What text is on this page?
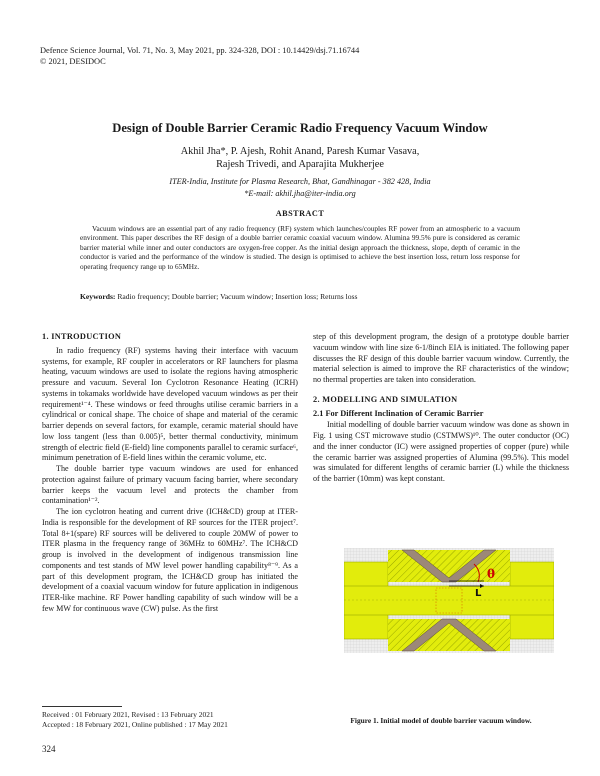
Defence Science Journal, Vol. 71, No. 3, May 2021, pp. 324-328, DOI : 10.14429/dsj.71.16744
© 2021, DESIDOC
Design of Double Barrier Ceramic Radio Frequency Vacuum Window
Akhil Jha*, P. Ajesh, Rohit Anand, Paresh Kumar Vasava,
Rajesh Trivedi, and Aparajita Mukherjee
ITER-India, Institute for Plasma Research, Bhat, Gandhinagar - 382 428, India
*E-mail: akhil.jha@iter-india.org
ABSTRACT
Vacuum windows are an essential part of any radio frequency (RF) system which launches/couples RF power from an atmospheric to a vacuum environment. This paper describes the RF design of a double barrier ceramic coaxial vacuum window. Alumina 99.5% pure is considered as ceramic barrier material while inner and outer conductors are oxygen-free copper. As the initial design approach the thickness, slope, depth of ceramic in the conductor is varied and the performance of the window is studied. The design is optimised to achieve the best insertion loss, return loss response for operating frequency range up to 65MHz.
Keywords: Radio frequency; Double barrier; Vacuum window; Insertion loss; Returns loss
1. INTRODUCTION

In radio frequency (RF) systems having their interface with vacuum systems, for example, RF coupler in accelerators or RF launchers for plasma heating, vacuum windows are used to isolate the regions having atmospheric pressure and vacuum. Several Ion Cyclotron Resonance Heating (ICRH) systems in tokamaks worldwide have developed vacuum windows as per their requirement¹⁻⁴. These windows or feed throughs utilise ceramic barriers in a cylindrical or conical shape. The choice of shape and material of the ceramic barrier depends on several factors, for example, ceramic material should have low loss tangent (less than 0.005)⁵, better thermal conductivity, minimum strength of electric field (E-field) line components parallel to ceramic surface⁶, minimum penetration of E-field lines within the ceramic volume, etc.

The double barrier type vacuum windows are used for enhanced protection against failure of primary vacuum facing barrier, where secondary barrier keeps the vacuum level and protects the chamber from contamination¹⁻².

The ion cyclotron heating and current drive (ICH&CD) group at ITER-India is responsible for the development of RF sources for the ITER project⁷. Total 8+1(spare) RF sources will be delivered to couple 20MW of power to ITER plasma in the frequency range of 36MHz to 60MHz⁷. The ICH&CD group is involved in the development of indigenous transmission line components and test stands of MW level power handling capability⁸⁻⁹. As a part of this development program, the ICH&CD group has initiated the development of a coaxial vacuum window for future application in indigenous ITER-like machine. RF Power handling capability of such window will be a few MW for continuous wave (CW) pulse. As the first

step of this development program, the design of a prototype double barrier vacuum window with line size 6-1/8inch EIA is initiated. The following paper discusses the RF design of this double barrier vacuum window. Currently, the material selection is aimed to improve the RF characteristics of the window; no thermal properties are taken into consideration.

2. MODELLING AND SIMULATION
2.1 For Different Inclination of Ceramic Barrier

Initial modelling of double barrier vacuum window was done as shown in Fig. 1 using CST microwave studio (CSTMWS)¹⁰. The outer conductor (OC) and the inner conductor (IC) were assigned properties of copper (pure) while the ceramic barrier was assigned properties of Alumina (99.5%). This model was simulated for different lengths of ceramic barrier (L) while the thickness of the barrier (10mm) was kept constant.

θ
L
Figure 1. Initial model of double barrier vacuum window.
Received : 01 February 2021, Revised : 13 February 2021
Accepted : 18 February 2021, Online published : 17 May 2021
324
